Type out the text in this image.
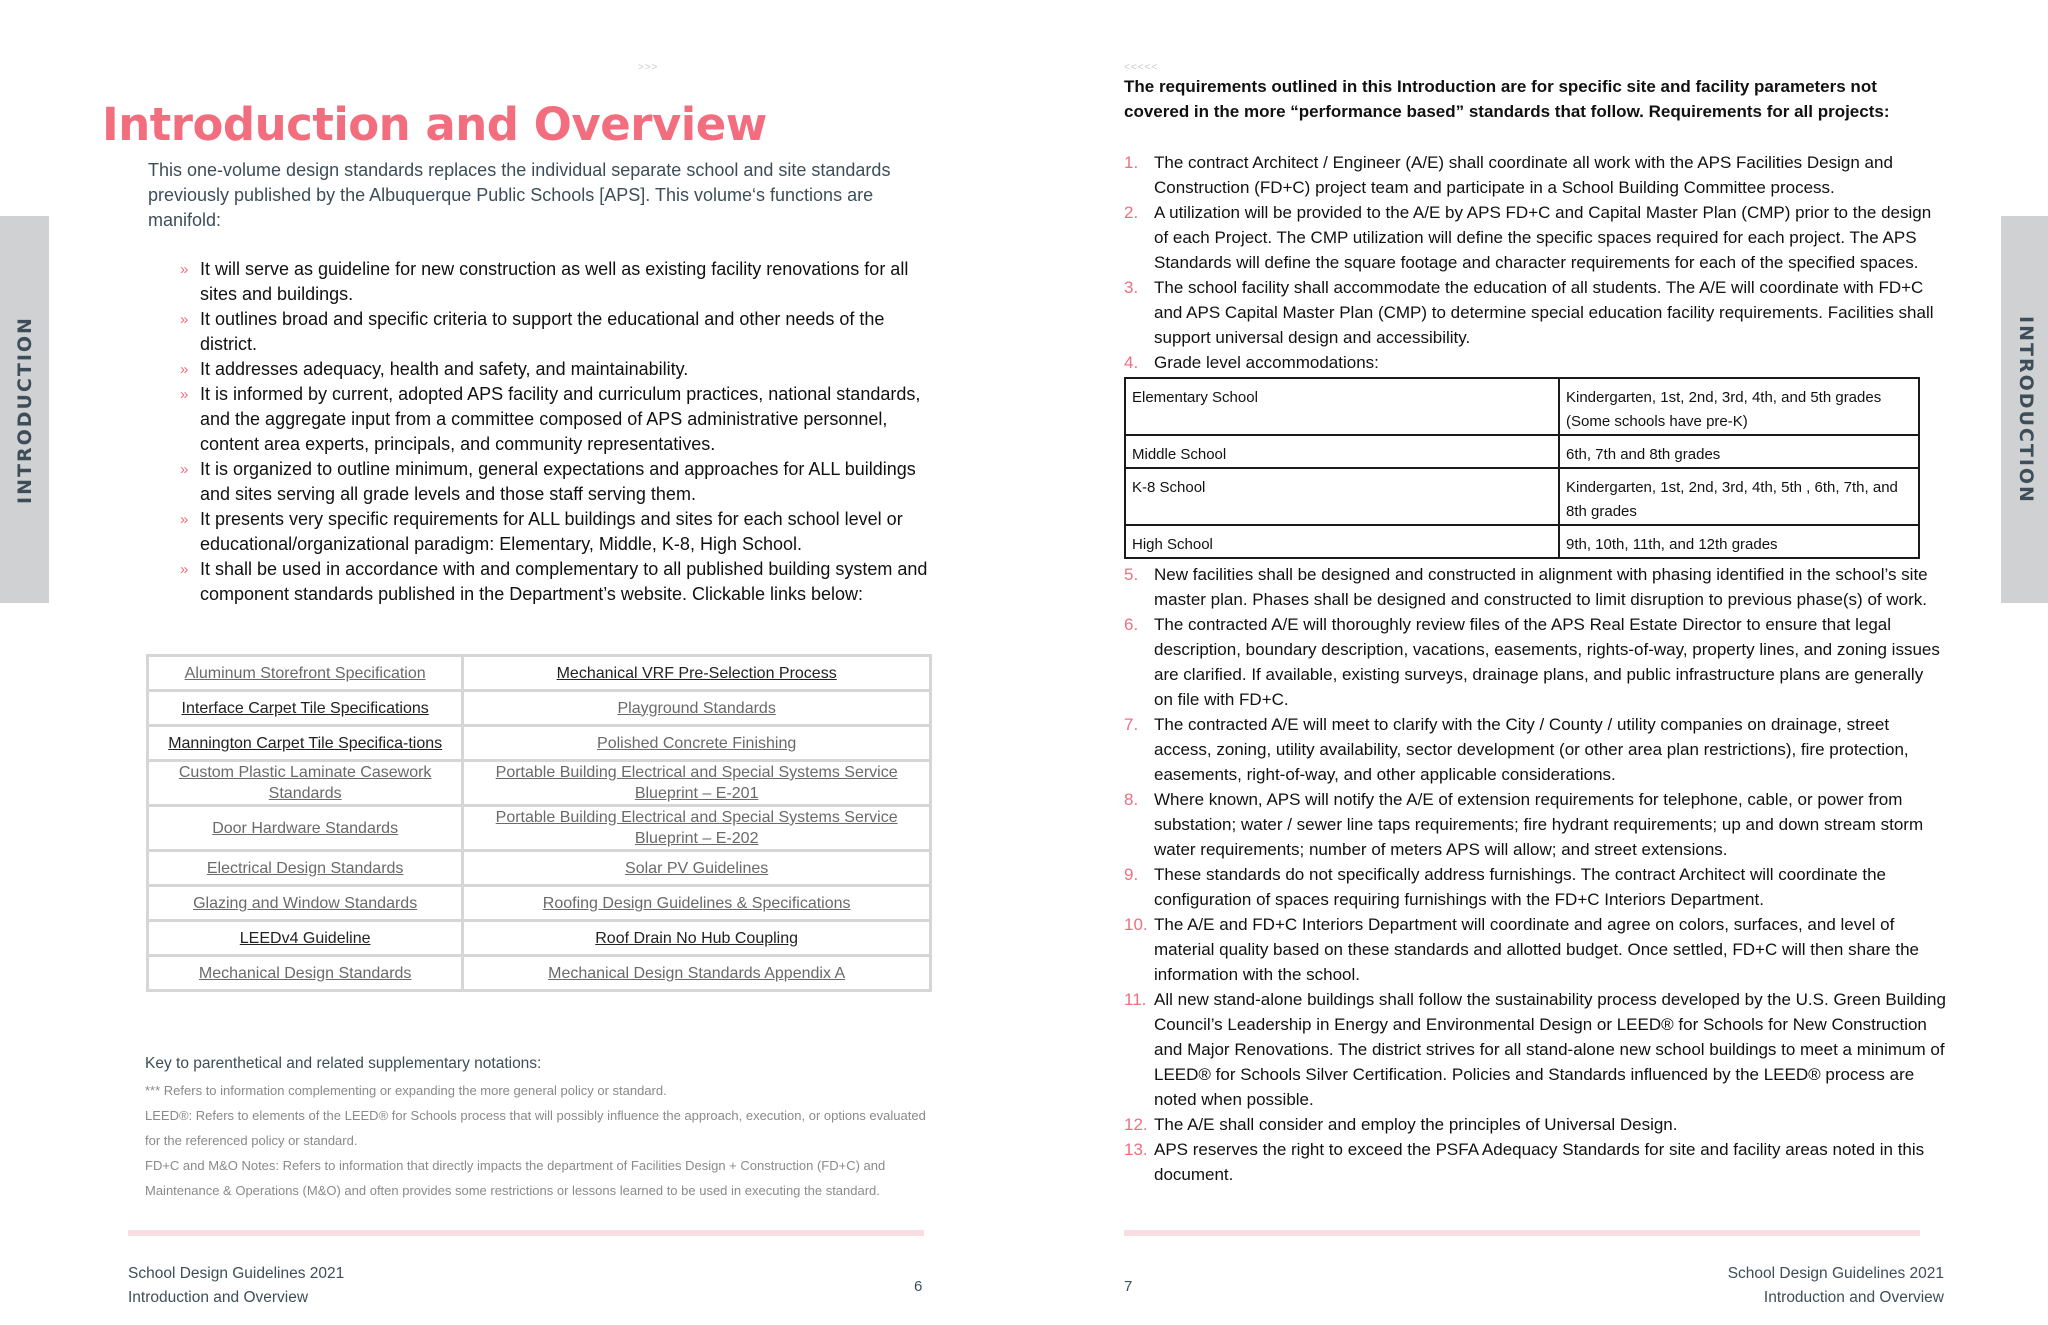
INTRODUCTION
>>>
Introduction and Overview

This one-volume design standards replaces the individual separate school and site standards previously published by the Albuquerque Public Schools [APS]. This volume‘s functions are manifold:

» It will serve as guideline for new construction as well as existing facility renovations for all sites and buildings.
» It outlines broad and specific criteria to support the educational and other needs of the district.
» It addresses adequacy, health and safety, and maintainability.
» It is informed by current, adopted APS facility and curriculum practices, national standards, and the aggregate input from a committee composed of APS administrative personnel, content area experts, principals, and community representatives.
» It is organized to outline minimum, general expectations and approaches for ALL buildings and sites serving all grade levels and those staff serving them.
» It presents very specific requirements for ALL buildings and sites for each school level or educational/organizational paradigm: Elementary, Middle, K-8, High School.
» It shall be used in accordance with and complementary to all published building system and component standards published in the Department’s website. Clickable links below:
Aluminum Storefront Specification	Mechanical VRF Pre-Selection Process
Interface Carpet Tile Specifications	Playground Standards
Mannington Carpet Tile Specifica-tions	Polished Concrete Finishing
Custom Plastic Laminate Casework Standards	Portable Building Electrical and Special Systems Service Blueprint – E-201
Door Hardware Standards	Portable Building Electrical and Special Systems Service Blueprint – E-202
Electrical Design Standards	Solar PV Guidelines
Glazing and Window Standards	Roofing Design Guidelines & Specifications
LEEDv4 Guideline	Roof Drain No Hub Coupling
Mechanical Design Standards	Mechanical Design Standards Appendix A
Key to parenthetical and related supplementary notations:

*** Refers to information complementing or expanding the more general policy or standard.

LEED®: Refers to elements of the LEED® for Schools process that will possibly influence the approach, execution, or options evaluated for the referenced policy or standard.

FD+C and M&O Notes: Refers to information that directly impacts the department of Facilities Design + Construction (FD+C) and Maintenance & Operations (M&O) and often provides some restrictions or lessons learned to be used in executing the standard.

School Design Guidelines 2021
Introduction and Overview
6
<<<<<
INTRODUCTION

The requirements outlined in this Introduction are for specific site and facility parameters not covered in the more “performance based” standards that follow. Requirements for all projects:

1. The contract Architect / Engineer (A/E) shall coordinate all work with the APS Facilities Design and Construction (FD+C) project team and participate in a School Building Committee process.
2. A utilization will be provided to the A/E by APS FD+C and Capital Master Plan (CMP) prior to the design of each Project. The CMP utilization will define the specific spaces required for each project. The APS Standards will define the square footage and character requirements for each of the specified spaces.
3. The school facility shall accommodate the education of all students. The A/E will coordinate with FD+C and APS Capital Master Plan (CMP) to determine special education facility requirements. Facilities shall support universal design and accessibility.
4. Grade level accommodations:
Elementary School	Kindergarten, 1st, 2nd, 3rd, 4th, and 5th grades (Some schools have pre-K)
Middle School	6th, 7th and 8th grades
K-8 School	Kindergarten, 1st, 2nd, 3rd, 4th, 5th , 6th, 7th, and 8th grades
High School	9th, 10th, 11th, and 12th grades
5. New facilities shall be designed and constructed in alignment with phasing identified in the school’s site master plan. Phases shall be designed and constructed to limit disruption to previous phase(s) of work.
6. The contracted A/E will thoroughly review files of the APS Real Estate Director to ensure that legal description, boundary description, vacations, easements, rights-of-way, property lines, and zoning issues are clarified. If available, existing surveys, drainage plans, and public infrastructure plans are generally on file with FD+C.
7. The contracted A/E will meet to clarify with the City / County / utility companies on drainage, street access, zoning, utility availability, sector development (or other area plan restrictions), fire protection, easements, right-of-way, and other applicable considerations.
8. Where known, APS will notify the A/E of extension requirements for telephone, cable, or power from substation; water / sewer line taps requirements; fire hydrant requirements; up and down stream storm water requirements; number of meters APS will allow; and street extensions.
9. These standards do not specifically address furnishings. The contract Architect will coordinate the configuration of spaces requiring furnishings with the FD+C Interiors Department.
10. The A/E and FD+C Interiors Department will coordinate and agree on colors, surfaces, and level of material quality based on these standards and allotted budget. Once settled, FD+C will then share the information with the school.
11. All new stand-alone buildings shall follow the sustainability process developed by the U.S. Green Building Council’s Leadership in Energy and Environmental Design or LEED® for Schools for New Construction and Major Renovations. The district strives for all stand-alone new school buildings to meet a minimum of LEED® for Schools Silver Certification. Policies and Standards influenced by the LEED® process are noted when possible.
12. The A/E shall consider and employ the principles of Universal Design.
13. APS reserves the right to exceed the PSFA Adequacy Standards for site and facility areas noted in this document.
7
School Design Guidelines 2021
Introduction and Overview
